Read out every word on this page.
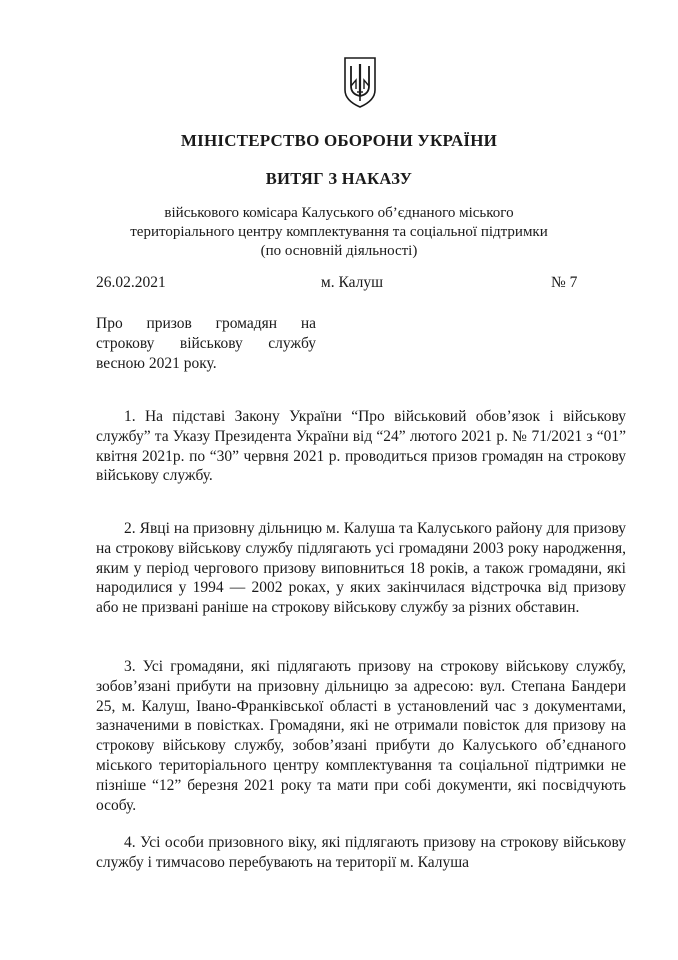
МІНІСТЕРСТВО ОБОРОНИ УКРАЇНИ
ВИТЯГ З НАКАЗУ
військового комісара Калуського об’єднаного міського
територіального центру комплектування та соціальної підтримки
(по основній діяльності)
26.02.2021	м. Калуш	№ 7
Про призов громадян на строкову військову службу весною 2021 року.

1. На підставі Закону України “Про військовий обов’язок і військову службу” та Указу Президента України від “24” лютого 2021 р. № 71/2021 з “01” квітня 2021р. по “30” червня 2021 р. проводиться призов громадян на строкову військову службу.

2. Явці на призовну дільницю м. Калуша та Калуського району для призову на строкову військову службу підлягають усі громадяни 2003 року народження, яким у період чергового призову виповниться 18 років, а також громадяни, які народилися у 1994 — 2002 роках, у яких закінчилася відстрочка від призову або не призвані раніше на строкову військову службу за різних обставин.

3. Усі громадяни, які підлягають призову на строкову військову службу, зобов’язані прибути на призовну дільницю за адресою: вул. Степана Бандери 25, м. Калуш, Івано-Франківської області в установлений час з документами, зазначеними в повістках. Громадяни, які не отримали повісток для призову на строкову військову службу, зобов’язані прибути до Калуського об’єднаного міського територіального центру комплектування та соціальної підтримки не пізніше “12” березня 2021 року та мати при собі документи, які посвідчують особу.

4. Усі особи призовного віку, які підлягають призову на строкову військову службу і тимчасово перебувають на території м. Калуша
